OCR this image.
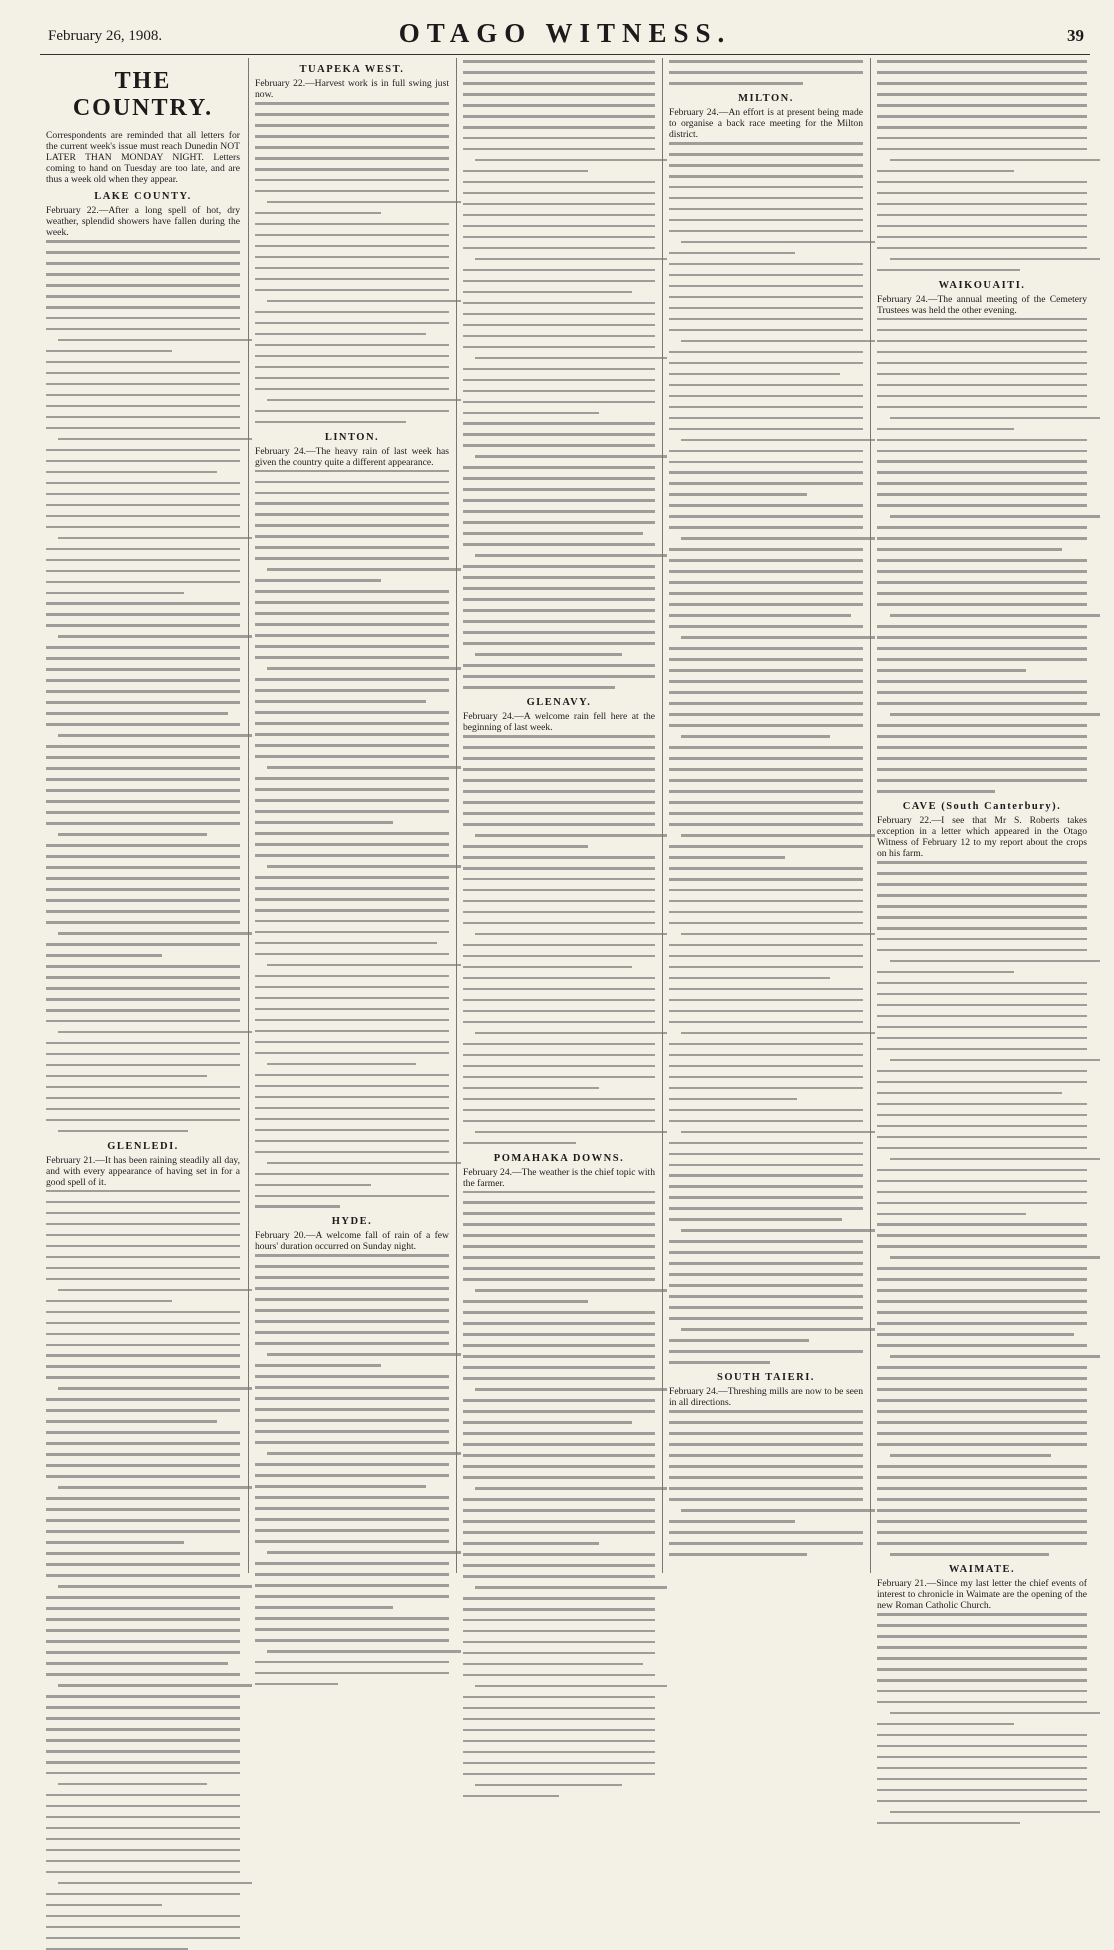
February 26, 1908.	OTAGO WITNESS.	39
THE COUNTRY.

Correspondents are reminded that all letters for the current week's issue must reach Dunedin NOT LATER THAN MONDAY NIGHT. Letters coming to hand on Tuesday are too late, and are thus a week old when they appear.

LAKE COUNTY.

February 22.—After a long spell of hot, dry weather, splendid showers have fallen during the week.

GLENLEDI.

February 21.—It has been raining steadily all day, and with every appearance of having set in for a good spell of it.

TUAPEKA WEST.

February 22.—Harvest work is in full swing just now.

LINTON.

February 24.—The heavy rain of last week has given the country quite a different appearance.

HYDE.

February 20.—A welcome fall of rain of a few hours' duration occurred on Sunday night.

GLENAVY.

February 24.—A welcome rain fell here at the beginning of last week.

POMAHAKA DOWNS.

February 24.—The weather is the chief topic with the farmer.

MILTON.

February 24.—An effort is at present being made to organise a back race meeting for the Milton district.

SOUTH TAIERI.

February 24.—Threshing mills are now to be seen in all directions.

WAIKOUAITI.

February 24.—The annual meeting of the Cemetery Trustees was held the other evening.

CAVE (South Canterbury).

February 22.—I see that Mr S. Roberts takes exception in a letter which appeared in the Otago Witness of February 12 to my report about the crops on his farm.

WAIMATE.

February 21.—Since my last letter the chief events of interest to chronicle in Waimate are the opening of the new Roman Catholic Church.
